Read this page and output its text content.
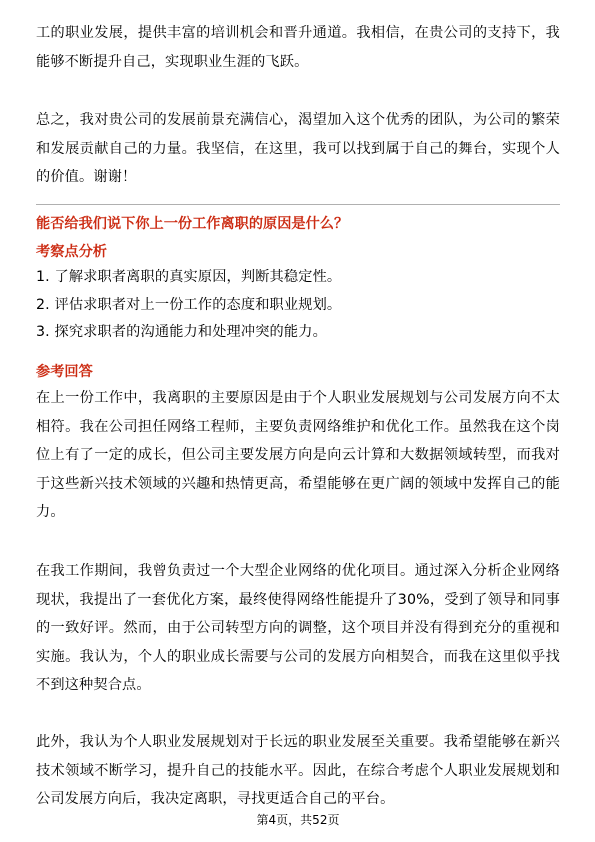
工的职业发展，提供丰富的培训机会和晋升通道。我相信，在贵公司的支持下，我能够不断提升自己，实现职业生涯的飞跃。

总之，我对贵公司的发展前景充满信心，渴望加入这个优秀的团队，为公司的繁荣和发展贡献自己的力量。我坚信，在这里，我可以找到属于自己的舞台，实现个人的价值。谢谢！

能否给我们说下你上一份工作离职的原因是什么？

考察点分析

1. 了解求职者离职的真实原因，判断其稳定性。

2. 评估求职者对上一份工作的态度和职业规划。

3. 探究求职者的沟通能力和处理冲突的能力。

参考回答

在上一份工作中，我离职的主要原因是由于个人职业发展规划与公司发展方向不太相符。我在公司担任网络工程师，主要负责网络维护和优化工作。虽然我在这个岗位上有了一定的成长，但公司主要发展方向是向云计算和大数据领域转型，而我对于这些新兴技术领域的兴趣和热情更高，希望能够在更广阔的领域中发挥自己的能力。

在我工作期间，我曾负责过一个大型企业网络的优化项目。通过深入分析企业网络现状，我提出了一套优化方案，最终使得网络性能提升了30%，受到了领导和同事的一致好评。然而，由于公司转型方向的调整，这个项目并没有得到充分的重视和实施。我认为，个人的职业成长需要与公司的发展方向相契合，而我在这里似乎找不到这种契合点。

此外，我认为个人职业发展规划对于长远的职业发展至关重要。我希望能够在新兴技术领域不断学习，提升自己的技能水平。因此，在综合考虑个人职业发展规划和公司发展方向后，我决定离职，寻找更适合自己的平台。

第4页，共52页
